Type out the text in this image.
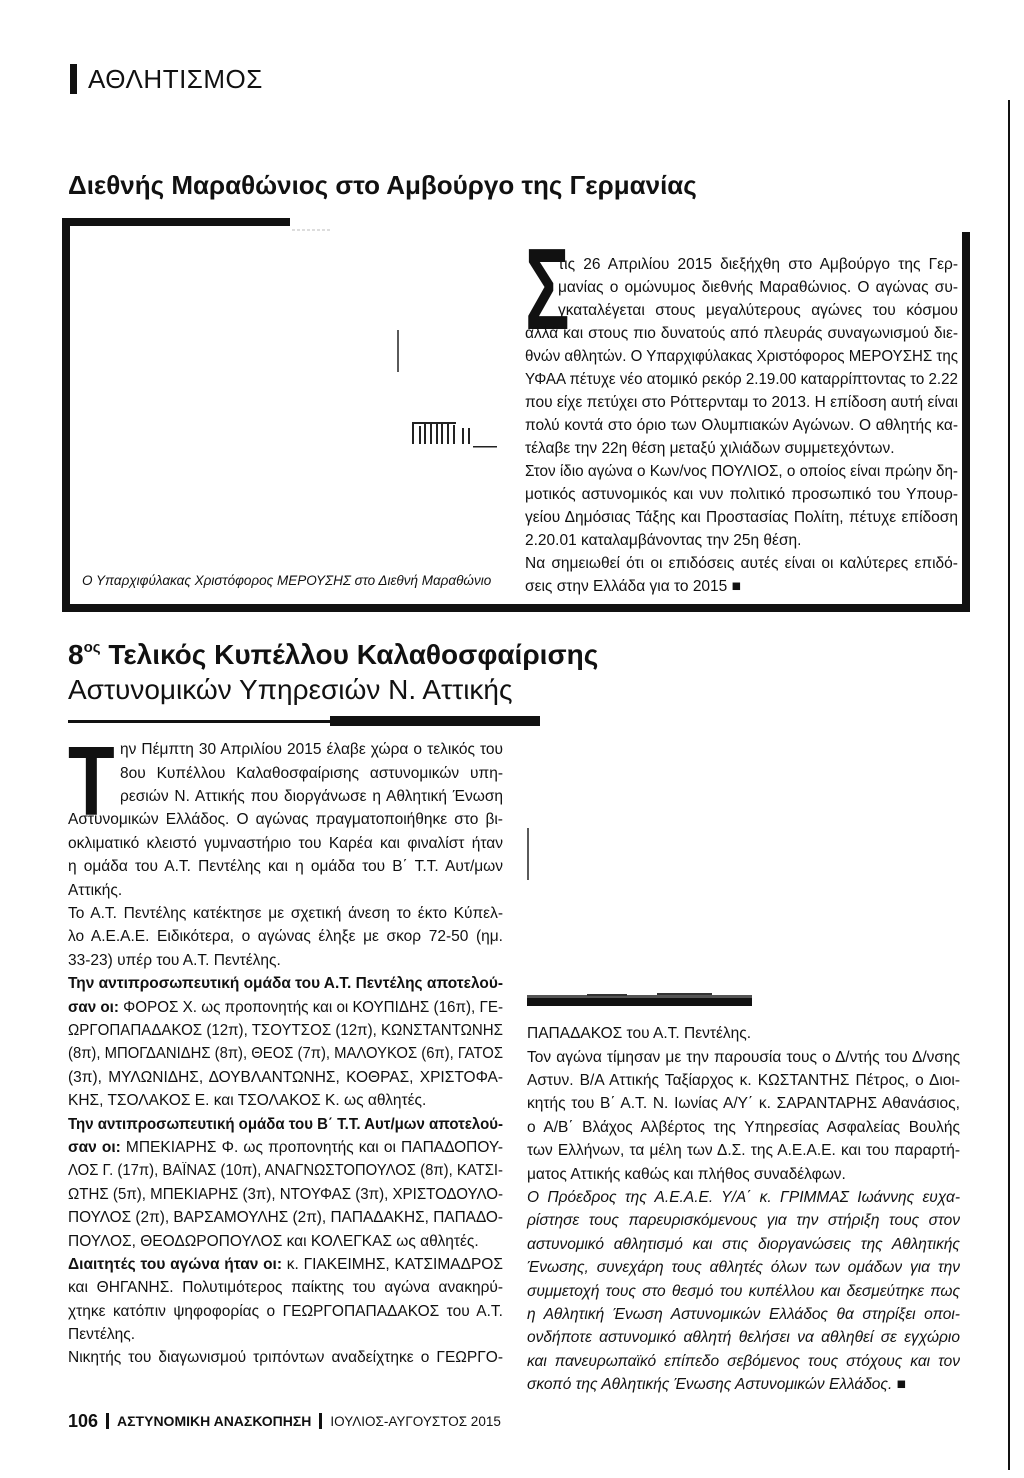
ΑΘΛΗΤΙΣΜΟΣ
Διεθνής Μαραθώνιος στο Αμβούργο της Γερμανίας
Ο Υπαρχιφύλακας Χριστόφορος ΜΕΡΟΥΣΗΣ στο Διεθνή Μαραθώνιο
Σ
τις 26 Απριλίου 2015 διεξήχθη στο Αμβούργο της Γερ-
μανίας ο ομώνυμος διεθνής Μαραθώνιος. Ο αγώνας συ-
γκαταλέγεται στους μεγαλύτερους αγώνες του κόσμου
αλλά και στους πιο δυνατούς από πλευράς συναγωνισμού διε-
θνών αθλητών. Ο Υπαρχιφύλακας Χριστόφορος ΜΕΡΟΥΣΗΣ της
ΥΦΑΑ πέτυχε νέο ατομικό ρεκόρ 2.19.00 καταρρίπτοντας το 2.22
που είχε πετύχει στο Ρόττερνταμ το 2013. Η επίδοση αυτή είναι
πολύ κοντά στο όριο των Ολυμπιακών Αγώνων. Ο αθλητής κα-
τέλαβε την 22η θέση μεταξύ χιλιάδων συμμετεχόντων.
Στον ίδιο αγώνα ο Κων/νος ΠΟΥΛΙΟΣ, ο οποίος είναι πρώην δη-
μοτικός αστυνομικός και νυν πολιτικό προσωπικό του Υπουρ-
γείου Δημόσιας Τάξης και Προστασίας Πολίτη, πέτυχε επίδοση
2.20.01 καταλαμβάνοντας την 25η θέση.
Να σημειωθεί ότι οι επιδόσεις αυτές είναι οι καλύτερες επιδό-
σεις στην Ελλάδα για το 2015 ■
$8^{o\varsigma}$ Τελικός Κυπέλλου Καλαθοσφαίρισης
Αστυνομικών Υπηρεσιών Ν. Αττικής
Τ ην Πέμπτη 30 Απριλίου 2015 έλαβε χώρα ο τελικός του
8ου Κυπέλλου Καλαθοσφαίρισης αστυνομικών υπη-
ρεσιών Ν. Αττικής που διοργάνωσε η Αθλητική Ένωση
Αστυνομικών Ελλάδος. Ο αγώνας πραγματοποιήθηκε στο βι-
οκλιματικό κλειστό γυμναστήριο του Καρέα και φιναλίστ ήταν
η ομάδα του Α.Τ. Πεντέλης και η ομάδα του Β΄ Τ.Τ. Αυτ/μων
Αττικής.
Το Α.Τ. Πεντέλης κατέκτησε με σχετική άνεση το έκτο Κύπελ-
λο Α.Ε.Α.Ε. Ειδικότερα, ο αγώνας έληξε με σκορ 72-50 (ημ.
33-23) υπέρ του Α.Τ. Πεντέλης.
Την αντιπροσωπευτική ομάδα του Α.Τ. Πεντέλης αποτελού-
σαν οι: ΦΟΡΟΣ Χ. ως προπονητής και οι ΚΟΥΠΙΔΗΣ (16π), ΓΕ-
ΩΡΓΟΠΑΠΑΔΑΚΟΣ (12π), ΤΣΟΥΤΣΟΣ (12π), ΚΩΝΣΤΑΝΤΩΝΗΣ
(8π), ΜΠΟΓΔΑΝΙΔΗΣ (8π), ΘΕΟΣ (7π), ΜΑΛΟΥΚΟΣ (6π), ΓΑΤΟΣ
(3π), ΜΥΛΩΝΙΔΗΣ, ΔΟΥΒΛΑΝΤΩΝΗΣ, ΚΟΘΡΑΣ, ΧΡΙΣΤΟΦΑ-
ΚΗΣ, ΤΣΟΛΑΚΟΣ Ε. και ΤΣΟΛΑΚΟΣ Κ. ως αθλητές.
Την αντιπροσωπευτική ομάδα του Β΄ Τ.Τ. Αυτ/μων αποτελού-
σαν οι: ΜΠΕΚΙΑΡΗΣ Φ. ως προπονητής και οι ΠΑΠΑΔΟΠΟΥ-
ΛΟΣ Γ. (17π), ΒΑΪΝΑΣ (10π), ΑΝΑΓΝΩΣΤΟΠΟΥΛΟΣ (8π), ΚΑΤΣΙ-
ΩΤΗΣ (5π), ΜΠΕΚΙΑΡΗΣ (3π), ΝΤΟΥΦΑΣ (3π), ΧΡΙΣΤΟΔΟΥΛΟ-
ΠΟΥΛΟΣ (2π), ΒΑΡΣΑΜΟΥΛΗΣ (2π), ΠΑΠΑΔΑΚΗΣ, ΠΑΠΑΔΟ-
ΠΟΥΛΟΣ, ΘΕΟΔΩΡΟΠΟΥΛΟΣ και ΚΟΛΕΓΚΑΣ ως αθλητές.
Διαιτητές του αγώνα ήταν οι: κ. ΓΙΑΚΕΙΜΗΣ, ΚΑΤΣΙΜΑΔΡΟΣ
και ΘΗΓΑΝΗΣ. Πολυτιμότερος παίκτης του αγώνα ανακηρύ-
χτηκε κατόπιν ψηφοφορίας ο ΓΕΩΡΓΟΠΑΠΑΔΑΚΟΣ του Α.Τ.
Πεντέλης.
Νικητής του διαγωνισμού τριπόντων αναδείχτηκε ο ΓΕΩΡΓΟ-
ΠΑΠΑΔΑΚΟΣ του Α.Τ. Πεντέλης.
Τον αγώνα τίμησαν με την παρουσία τους ο Δ/ντής του Δ/νσης
Αστυν. Β/Α Αττικής Ταξίαρχος κ. ΚΩΣΤΑΝΤΗΣ Πέτρος, ο Διοι-
κητής του Β΄ Α.Τ. Ν. Ιωνίας Α/Υ΄ κ. ΣΑΡΑΝΤΑΡΗΣ Αθανάσιος,
ο Α/Β΄ Βλάχος Αλβέρτος της Υπηρεσίας Ασφαλείας Βουλής
των Ελλήνων, τα μέλη των Δ.Σ. της Α.Ε.Α.Ε. και του παραρτή-
ματος Αττικής καθώς και πλήθος συναδέλφων.
Ο Πρόεδρος της Α.Ε.Α.Ε. Υ/Α΄ κ. ΓΡΙΜΜΑΣ Ιωάννης ευχα-
ρίστησε τους παρευρισκόμενους για την στήριξη τους στον
αστυνομικό αθλητισμό και στις διοργανώσεις της Αθλητικής
Ένωσης, συνεχάρη τους αθλητές όλων των ομάδων για την
συμμετοχή τους στο θεσμό του κυπέλλου και δεσμεύτηκε πως
η Αθλητική Ένωση Αστυνομικών Ελλάδος θα στηρίξει οποι-
ονδήποτε αστυνομικό αθλητή θελήσει να αθληθεί σε εγχώριο
και πανευρωπαϊκό επίπεδο σεβόμενος τους στόχους και τον
σκοπό της Αθλητικής Ένωσης Αστυνομικών Ελλάδος. ■
106 ΑΣΤΥΝΟΜΙΚΗ ΑΝΑΣΚΟΠΗΣΗ ΙΟΥΛΙΟΣ-ΑΥΓΟΥΣΤΟΣ 2015
